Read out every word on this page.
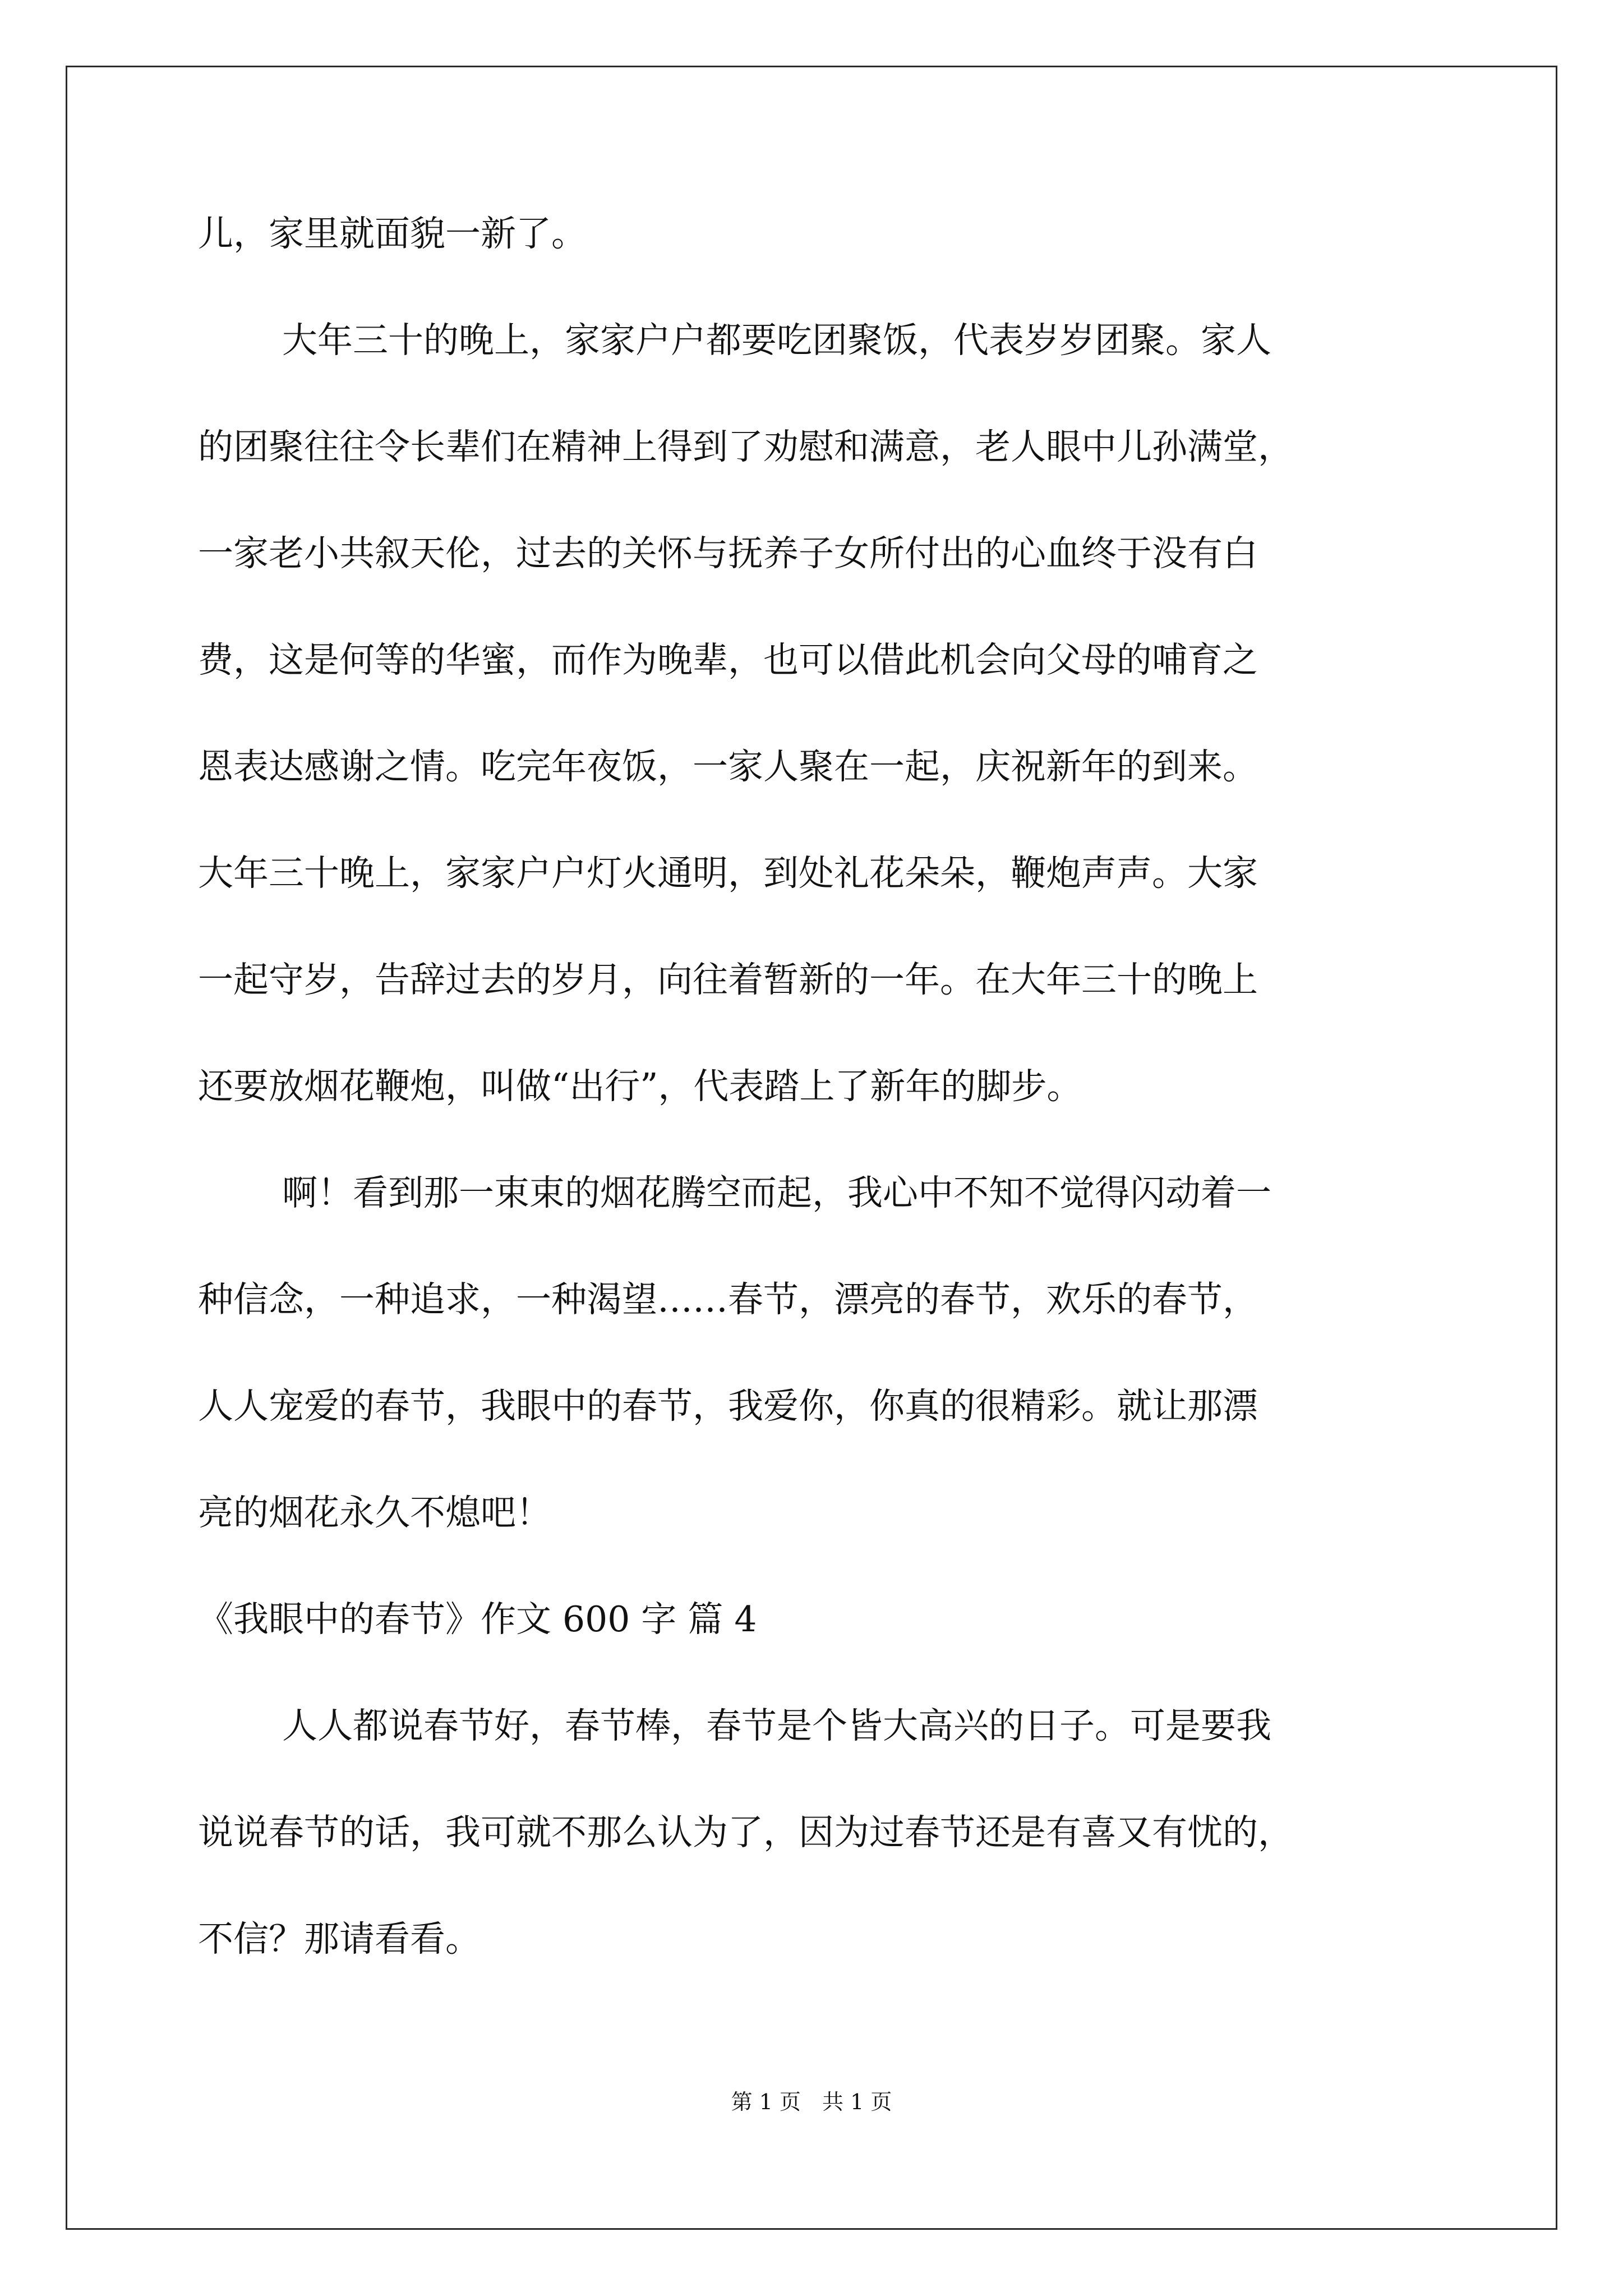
儿，家里就面貌一新了。
大年三十的晚上，家家户户都要吃团聚饭，代表岁岁团聚。家人
的团聚往往令长辈们在精神上得到了劝慰和满意，老人眼中儿孙满堂，
一家老小共叙天伦，过去的关怀与抚养子女所付出的心血终于没有白
费，这是何等的华蜜，而作为晚辈，也可以借此机会向父母的哺育之
恩表达感谢之情。吃完年夜饭，一家人聚在一起，庆祝新年的到来。
大年三十晚上，家家户户灯火通明，到处礼花朵朵，鞭炮声声。大家
一起守岁，告辞过去的岁月，向往着暂新的一年。在大年三十的晚上
还要放烟花鞭炮，叫做“出行”，代表踏上了新年的脚步。
啊！看到那一束束的烟花腾空而起，我心中不知不觉得闪动着一
种信念，一种追求，一种渴望……春节，漂亮的春节，欢乐的春节，
人人宠爱的春节，我眼中的春节，我爱你，你真的很精彩。就让那漂
亮的烟花永久不熄吧！
《我眼中的春节》作文 600 字 篇 4
人人都说春节好，春节棒，春节是个皆大高兴的日子。可是要我
说说春节的话，我可就不那么认为了，因为过春节还是有喜又有忧的，
不信？那请看看。
第 1 页　共 1 页
